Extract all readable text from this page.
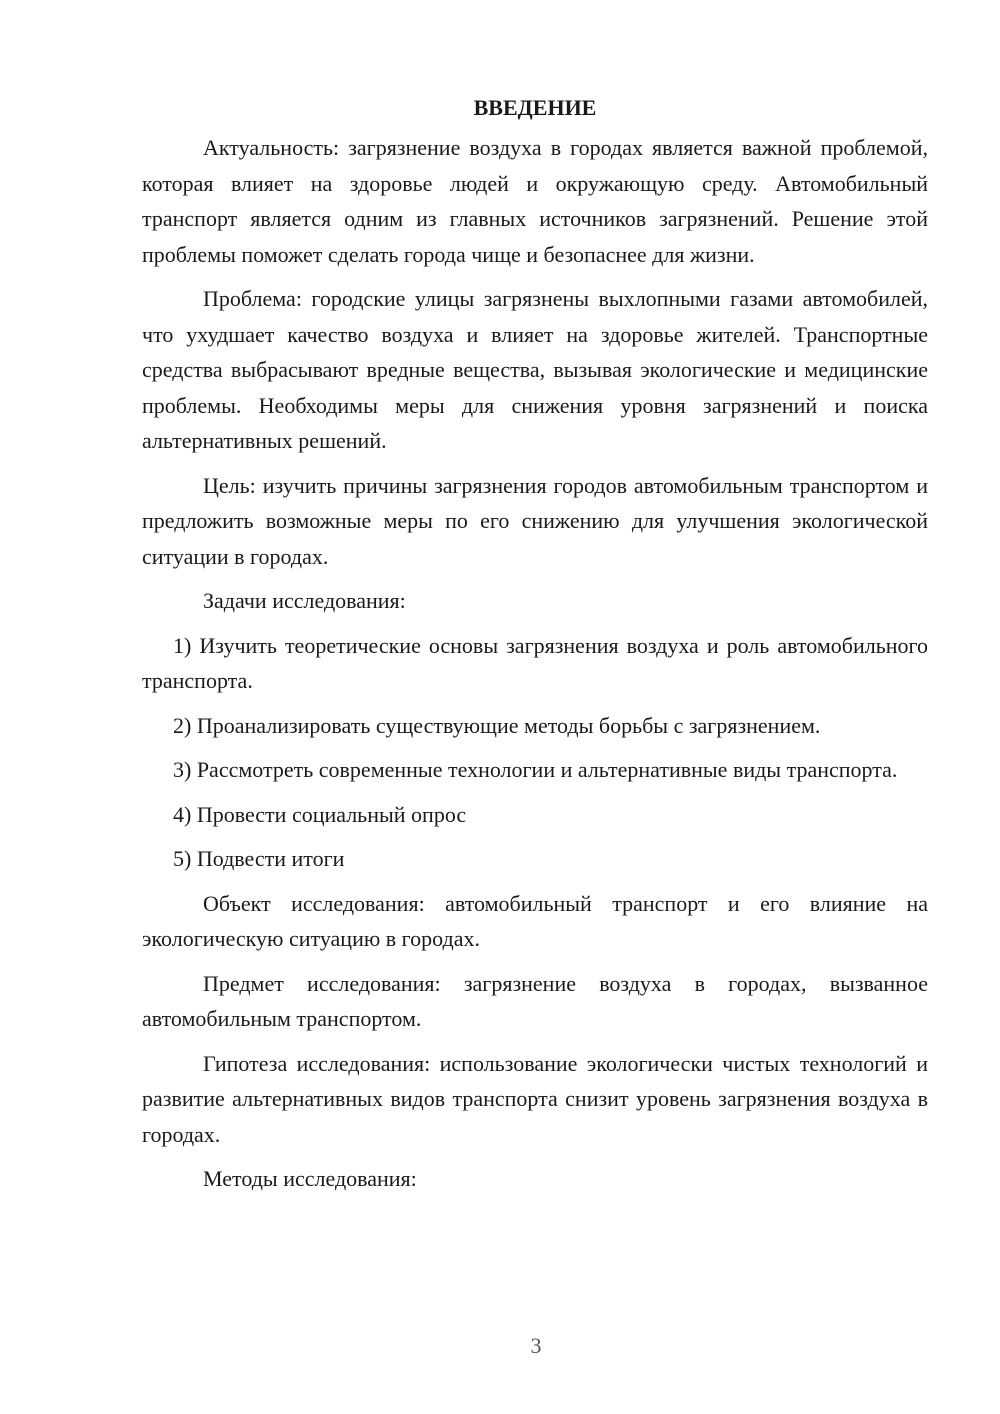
ВВЕДЕНИЕ

Актуальность: загрязнение воздуха в городах является важной проблемой, которая влияет на здоровье людей и окружающую среду. Автомобильный транспорт является одним из главных источников загрязнений. Решение этой проблемы поможет сделать города чище и безопаснее для жизни.

Проблема: городские улицы загрязнены выхлопными газами автомобилей, что ухудшает качество воздуха и влияет на здоровье жителей. Транспортные средства выбрасывают вредные вещества, вызывая экологические и медицинские проблемы. Необходимы меры для снижения уровня загрязнений и поиска альтернативных решений.

Цель: изучить причины загрязнения городов автомобильным транспортом и предложить возможные меры по его снижению для улучшения экологической ситуации в городах.

Задачи исследования:

1) Изучить теоретические основы загрязнения воздуха и роль автомобильного транспорта.

2) Проанализировать существующие методы борьбы с загрязнением.

3) Рассмотреть современные технологии и альтернативные виды транспорта.

4) Провести социальный опрос

5) Подвести итоги

Объект исследования: автомобильный транспорт и его влияние на экологическую ситуацию в городах.

Предмет исследования: загрязнение воздуха в городах, вызванное автомобильным транспортом.

Гипотеза исследования: использование экологически чистых технологий и развитие альтернативных видов транспорта снизит уровень загрязнения воздуха в городах.

Методы исследования:

3
